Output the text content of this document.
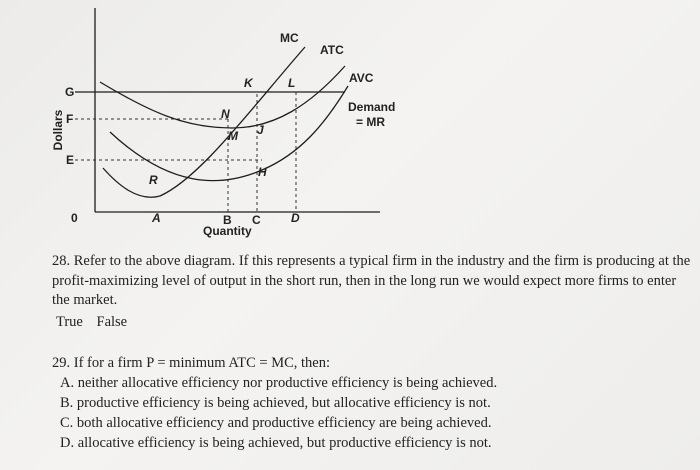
Dollars
G
F
E
0	A	B C	D
Quantity
MC
ATC
AVC
Demand
= MR
K	L
N
M J
H
R
28. Refer to the above diagram. If this represents a typical firm in the industry and the firm is producing at the profit-maximizing level of output in the short run, then in the long run we would expect more firms to enter the market.
True False
29. If for a firm P = minimum ATC = MC, then:
A. neither allocative efficiency nor productive efficiency is being achieved.
B. productive efficiency is being achieved, but allocative efficiency is not.
C. both allocative efficiency and productive efficiency are being achieved.
D. allocative efficiency is being achieved, but productive efficiency is not.
